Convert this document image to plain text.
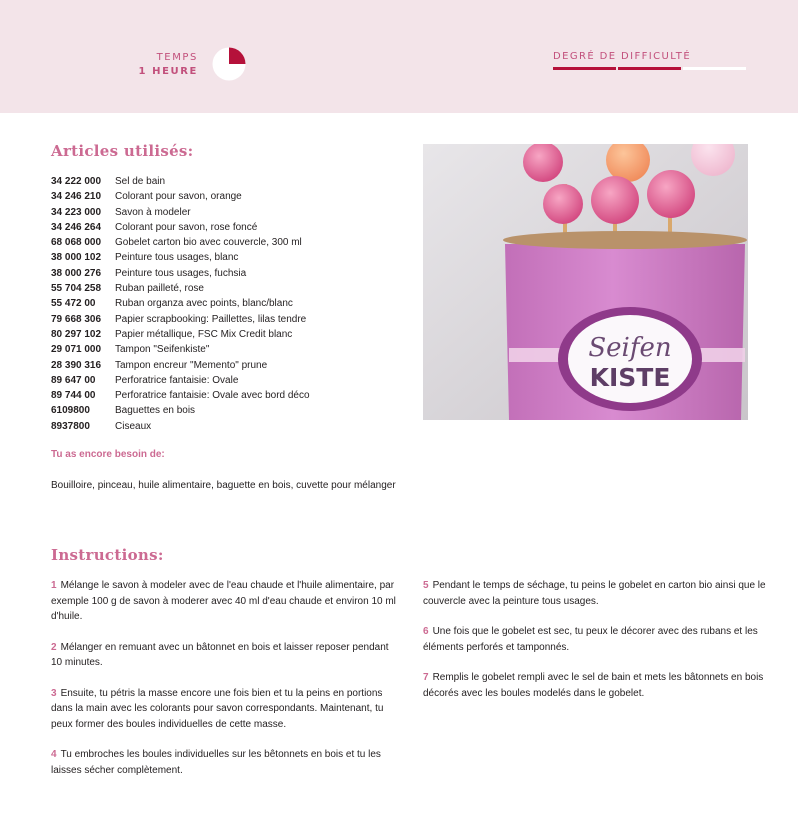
TEMPS
1 HEURE
DEGRÉ DE DIFFICULTÉ
Articles utilisés:
34 222 000	Sel de bain
34 246 210	Colorant pour savon, orange
34 223 000	Savon à modeler
34 246 264	Colorant pour savon, rose foncé
68 068 000	Gobelet carton bio avec couvercle, 300 ml
38 000 102	Peinture tous usages, blanc
38 000 276	Peinture tous usages, fuchsia
55 704 258	Ruban pailleté, rose
55 472 00	Ruban organza avec points, blanc/blanc
79 668 306	Papier scrapbooking: Paillettes, lilas tendre
80 297 102	Papier métallique, FSC Mix Credit blanc
29 071 000	Tampon "Seifenkiste"
28 390 316	Tampon encreur "Memento" prune
89 647 00	Perforatrice fantaisie: Ovale
89 744 00	Perforatrice fantaisie: Ovale avec bord déco
6109800	Baguettes en bois
8937800	Ciseaux
Tu as encore besoin de:
Bouilloire, pinceau, huile alimentaire, baguette en bois, cuvette pour mélanger
Seifen
KISTE
Instructions:
1 Mélange le savon à modeler avec de l'eau chaude et l'huile alimentaire, par exemple 100 g de savon à moderer avec 40 ml d'eau chaude et environ 10 ml d'huile.
2 Mélanger en remuant avec un bâtonnet en bois et laisser reposer pendant 10 minutes.
3 Ensuite, tu pétris la masse encore une fois bien et tu la peins en portions dans la main avec les colorants pour savon correspondants. Maintenant, tu peux former des boules individuelles de cette masse.
4 Tu embroches les boules individuelles sur les bêtonnets en bois et tu les laisses sécher complètement.
5 Pendant le temps de séchage, tu peins le gobelet en carton bio ainsi que le couvercle avec la peinture tous usages.
6 Une fois que le gobelet est sec, tu peux le décorer avec des rubans et les éléments perforés et tamponnés.
7 Remplis le gobelet rempli avec le sel de bain et mets les bâtonnets en bois décorés avec les boules modelés dans le gobelet.
